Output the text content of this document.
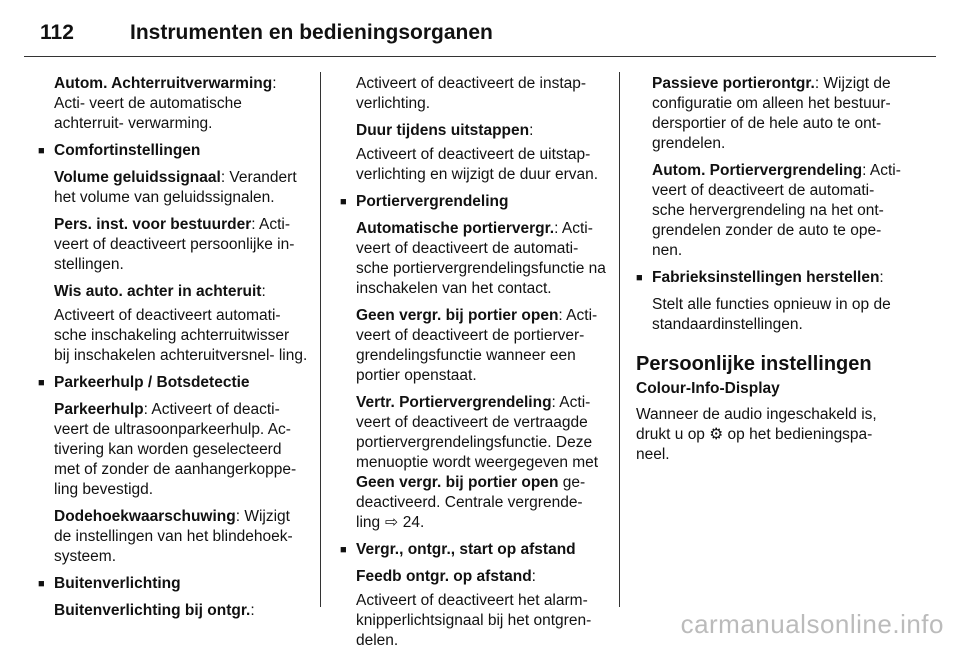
112	Instrumenten en bedieningsorganen

Autom. Achterruitverwarming: Acti- veert de automatische achterruit- verwarming.

■ Comfortinstellingen

Volume geluidssignaal: Verandert het volume van geluidssignalen.

Pers. inst. voor bestuurder: Acti- veert of deactiveert persoonlijke in- stellingen.

Wis auto. achter in achteruit:

Activeert of deactiveert automati- sche inschakeling achterruitwisser bij inschakelen achteruitversnel- ling.

■ Parkeerhulp / Botsdetectie

Parkeerhulp: Activeert of deacti- veert de ultrasoonparkeerhulp. Ac- tivering kan worden geselecteerd met of zonder de aanhangerkoppe- ling bevestigd.

Dodehoekwaarschuwing: Wijzigt de instellingen van het blindehoek- systeem.

■ Buitenverlichting

Buitenverlichting bij ontgr.:

Activeert of deactiveert de instap- verlichting.

Duur tijdens uitstappen:

Activeert of deactiveert de uitstap- verlichting en wijzigt de duur ervan.

■ Portiervergrendeling

Automatische portiervergr.: Acti- veert of deactiveert de automati- sche portiervergrendelingsfunctie na inschakelen van het contact.

Geen vergr. bij portier open: Acti- veert of deactiveert de portierver- grendelingsfunctie wanneer een portier openstaat.

Vertr. Portiervergrendeling: Acti- veert of deactiveert de vertraagde portiervergrendelingsfunctie. Deze menuoptie wordt weergegeven met Geen vergr. bij portier open ge- deactiveerd. Centrale vergrende- ling ⇨ 24.

■ Vergr., ontgr., start op afstand

Feedb ontgr. op afstand:

Activeert of deactiveert het alarm- knipperlichtsignaal bij het ontgren- delen.

Passieve portierontgr.: Wijzigt de configuratie om alleen het bestuur- dersportier of de hele auto te ont- grendelen.

Autom. Portiervergrendeling: Acti- veert of deactiveert de automati- sche hervergrendeling na het ont- grendelen zonder de auto te ope- nen.

■ Fabrieksinstellingen herstellen:

Stelt alle functies opnieuw in op de standaardinstellingen.

Persoonlijke instellingen
Colour-Info-Display

Wanneer de audio ingeschakeld is, drukt u op ⚙ op het bedieningspa- neel.

carmanualsonline.info
